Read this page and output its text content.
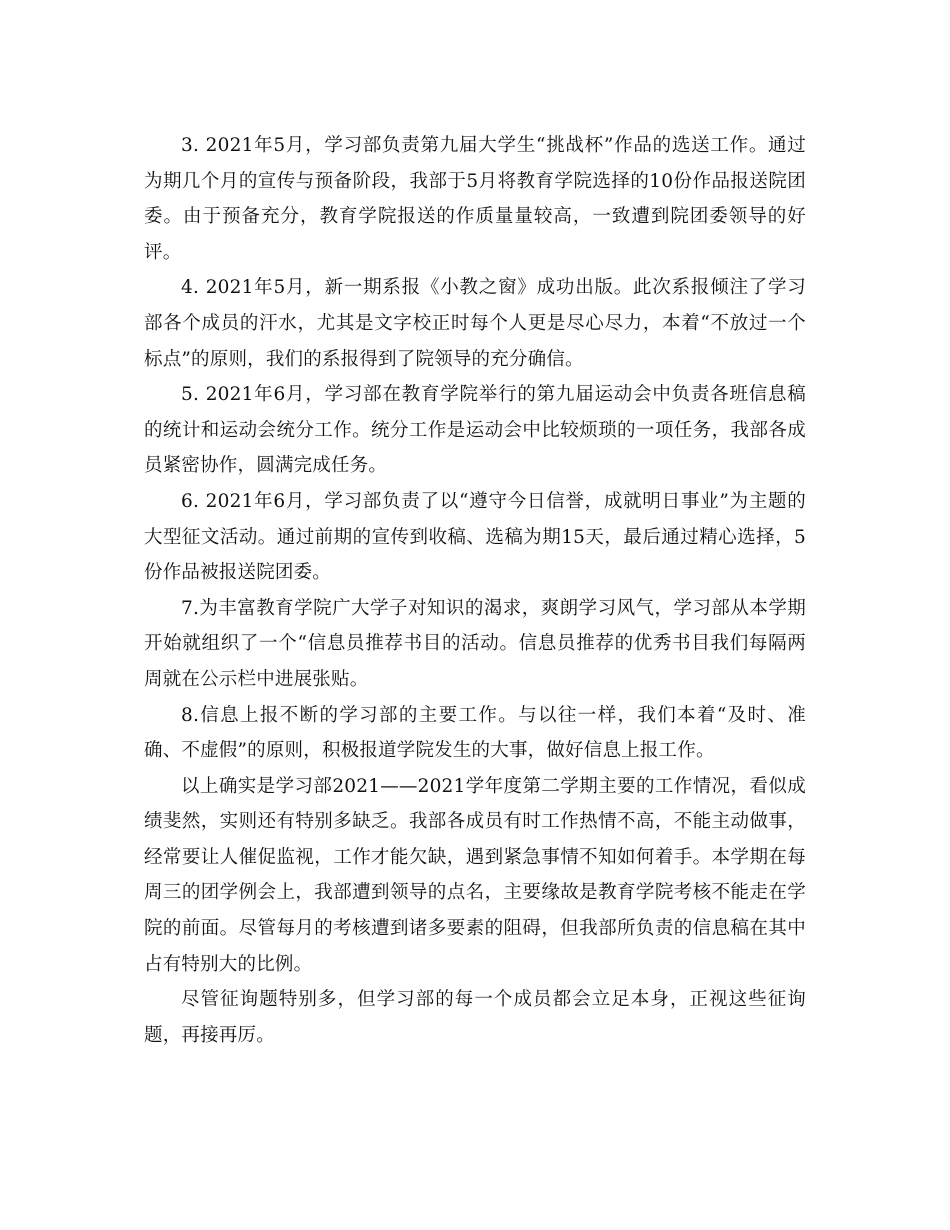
3. 2021年5月，学习部负责第九届大学生“挑战杯”作品的选送工作。通过为期几个月的宣传与预备阶段，我部于5月将教育学院选择的10份作品报送院团委。由于预备充分，教育学院报送的作质量量较高，一致遭到院团委领导的好评。

4. 2021年5月，新一期系报《小教之窗》成功出版。此次系报倾注了学习部各个成员的汗水，尤其是文字校正时每个人更是尽心尽力，本着“不放过一个标点”的原则，我们的系报得到了院领导的充分确信。

5. 2021年6月，学习部在教育学院举行的第九届运动会中负责各班信息稿的统计和运动会统分工作。统分工作是运动会中比较烦琐的一项任务，我部各成员紧密协作，圆满完成任务。

6. 2021年6月，学习部负责了以“遵守今日信誉，成就明日事业”为主题的大型征文活动。通过前期的宣传到收稿、选稿为期15天，最后通过精心选择，5份作品被报送院团委。

7.为丰富教育学院广大学子对知识的渴求，爽朗学习风气，学习部从本学期开始就组织了一个“信息员推荐书目的活动。信息员推荐的优秀书目我们每隔两周就在公示栏中进展张贴。

8.信息上报不断的学习部的主要工作。与以往一样，我们本着“及时、准确、不虚假”的原则，积极报道学院发生的大事，做好信息上报工作。

以上确实是学习部2021——2021学年度第二学期主要的工作情况，看似成绩斐然，实则还有特别多缺乏。我部各成员有时工作热情不高，不能主动做事，经常要让人催促监视，工作才能欠缺，遇到紧急事情不知如何着手。本学期在每周三的团学例会上，我部遭到领导的点名，主要缘故是教育学院考核不能走在学院的前面。尽管每月的考核遭到诸多要素的阻碍，但我部所负责的信息稿在其中占有特别大的比例。

尽管征询题特别多，但学习部的每一个成员都会立足本身，正视这些征询题，再接再厉。
